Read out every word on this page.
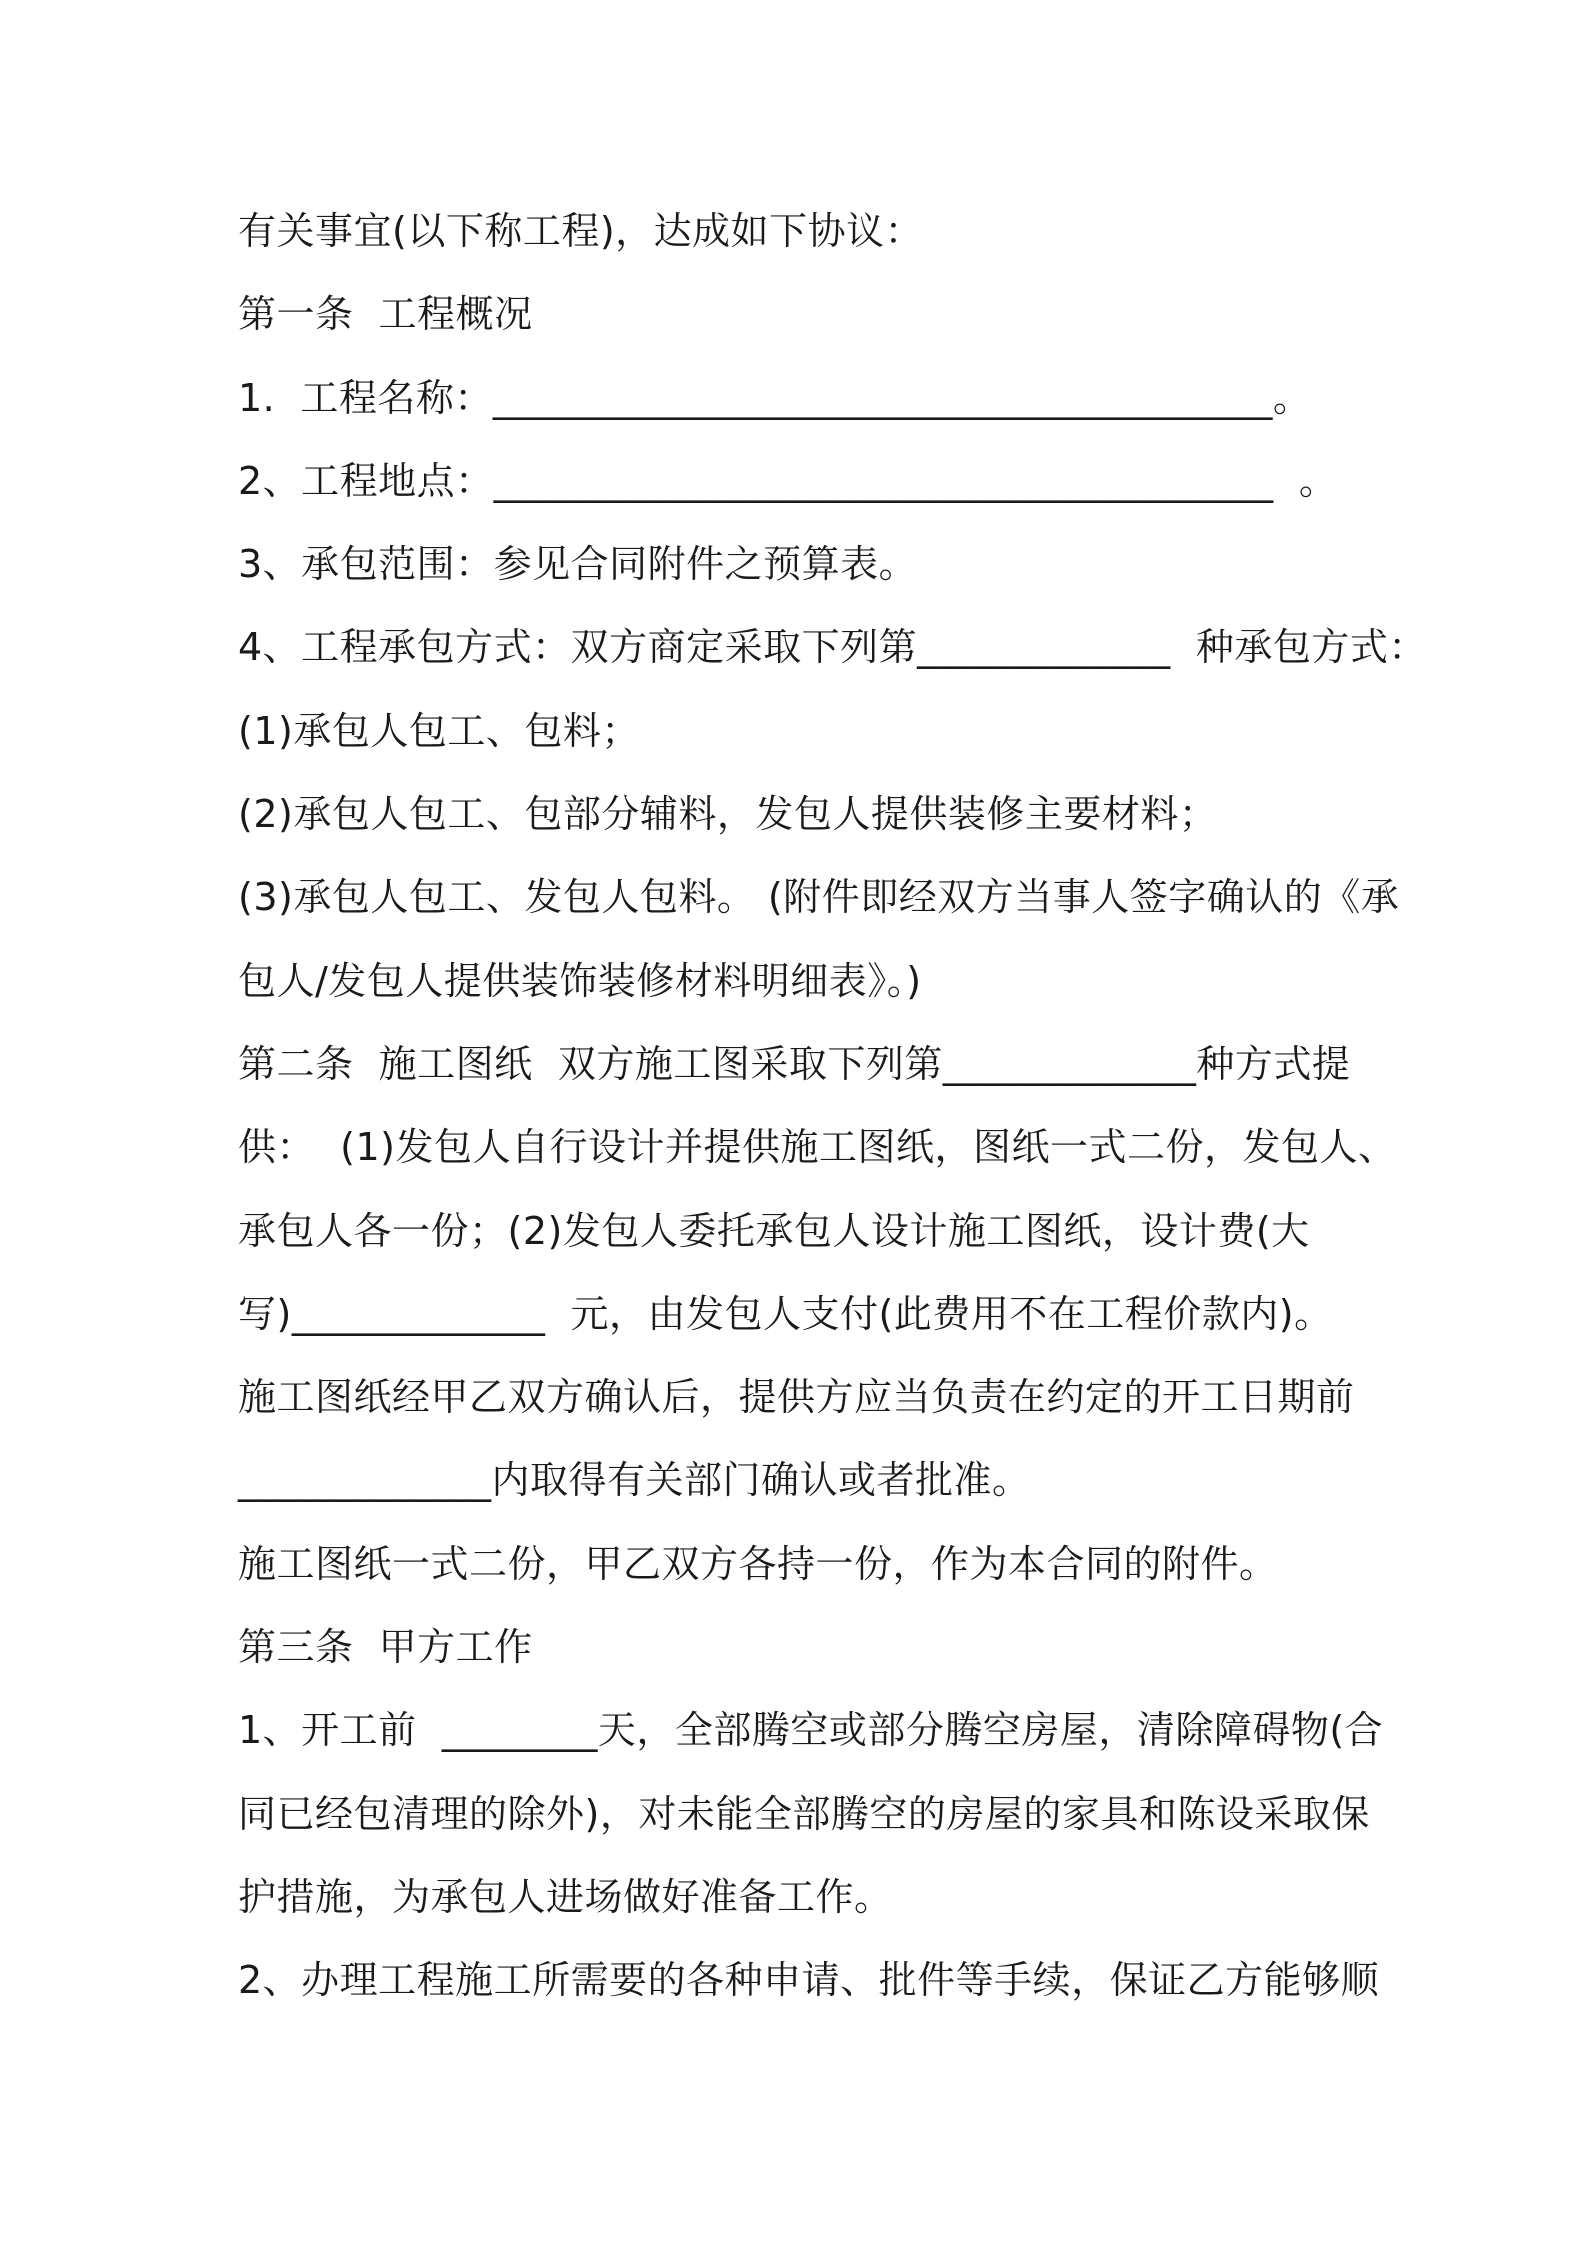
有关事宜(以下称工程)，达成如下协议：
第一条  工程概况
1.  工程名称：________________________________________。
2、工程地点：________________________________________  。
3、承包范围：参见合同附件之预算表。
4、工程承包方式：双方商定采取下列第_____________  种承包方式：
(1)承包人包工、包料；
(2)承包人包工、包部分辅料，发包人提供装修主要材料；
(3)承包人包工、发包人包料。 (附件即经双方当事人签字确认的《承
包人/发包人提供装饰装修材料明细表》。)
第二条  施工图纸  双方施工图采取下列第_____________种方式提
供：  (1)发包人自行设计并提供施工图纸，图纸一式二份，发包人、
承包人各一份；(2)发包人委托承包人设计施工图纸，设计费(大
写)_____________  元，由发包人支付(此费用不在工程价款内)。
施工图纸经甲乙双方确认后，提供方应当负责在约定的开工日期前
_____________内取得有关部门确认或者批准。
施工图纸一式二份，甲乙双方各持一份，作为本合同的附件。
第三条  甲方工作
1、开工前  ________天，全部腾空或部分腾空房屋，清除障碍物(合
同已经包清理的除外)，对未能全部腾空的房屋的家具和陈设采取保
护措施，为承包人进场做好准备工作。
2、办理工程施工所需要的各种申请、批件等手续，保证乙方能够顺
